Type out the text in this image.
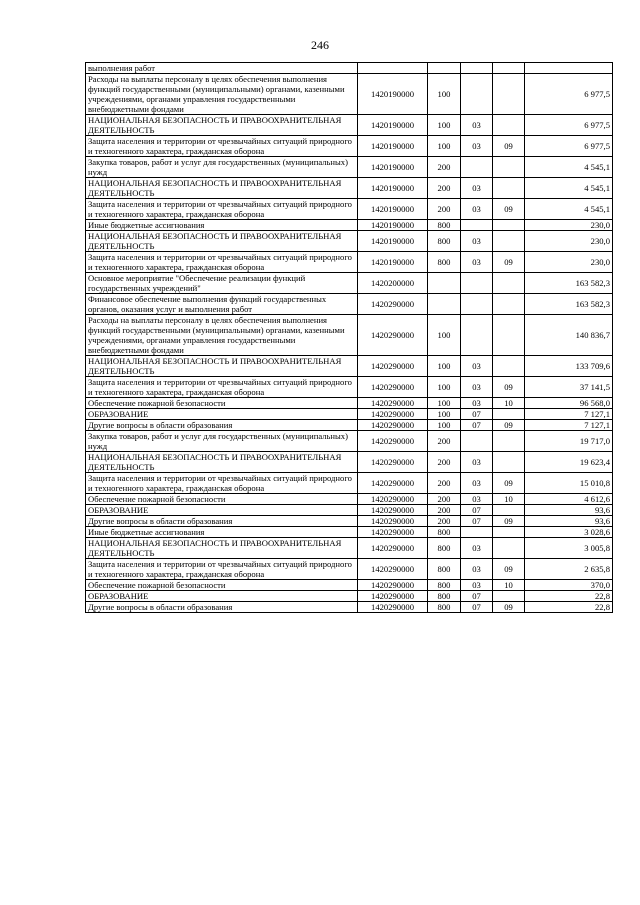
246
выполнения работ					
Расходы на выплаты персоналу в целях обеспечения выполнения функций государственными (муниципальными) органами, казенными учреждениями, органами управления государственными внебюджетными фондами	1420190000	100			6 977,5
НАЦИОНАЛЬНАЯ БЕЗОПАСНОСТЬ И ПРАВООХРАНИТЕЛЬНАЯ ДЕЯТЕЛЬНОСТЬ	1420190000	100	03		6 977,5
Защита населения и территории от чрезвычайных ситуаций природного и техногенного характера, гражданская оборона	1420190000	100	03	09	6 977,5
Закупка товаров, работ и услуг для государственных (муниципальных) нужд	1420190000	200			4 545,1
НАЦИОНАЛЬНАЯ БЕЗОПАСНОСТЬ И ПРАВООХРАНИТЕЛЬНАЯ ДЕЯТЕЛЬНОСТЬ	1420190000	200	03		4 545,1
Защита населения и территории от чрезвычайных ситуаций природного и техногенного характера, гражданская оборона	1420190000	200	03	09	4 545,1
Иные бюджетные ассигнования	1420190000	800			230,0
НАЦИОНАЛЬНАЯ БЕЗОПАСНОСТЬ И ПРАВООХРАНИТЕЛЬНАЯ ДЕЯТЕЛЬНОСТЬ	1420190000	800	03		230,0
Защита населения и территории от чрезвычайных ситуаций природного и техногенного характера, гражданская оборона	1420190000	800	03	09	230,0
Основное мероприятие "Обеспечение реализации функций государственных учреждений"	1420200000				163 582,3
Финансовое обеспечение выполнения функций государственных органов, оказания услуг и выполнения работ	1420290000				163 582,3
Расходы на выплаты персоналу в целях обеспечения выполнения функций государственными (муниципальными) органами, казенными учреждениями, органами управления государственными внебюджетными фондами	1420290000	100			140 836,7
НАЦИОНАЛЬНАЯ БЕЗОПАСНОСТЬ И ПРАВООХРАНИТЕЛЬНАЯ ДЕЯТЕЛЬНОСТЬ	1420290000	100	03		133 709,6
Защита населения и территории от чрезвычайных ситуаций природного и техногенного характера, гражданская оборона	1420290000	100	03	09	37 141,5
Обеспечение пожарной безопасности	1420290000	100	03	10	96 568,0
ОБРАЗОВАНИЕ	1420290000	100	07		7 127,1
Другие вопросы в области образования	1420290000	100	07	09	7 127,1
Закупка товаров, работ и услуг для государственных (муниципальных) нужд	1420290000	200			19 717,0
НАЦИОНАЛЬНАЯ БЕЗОПАСНОСТЬ И ПРАВООХРАНИТЕЛЬНАЯ ДЕЯТЕЛЬНОСТЬ	1420290000	200	03		19 623,4
Защита населения и территории от чрезвычайных ситуаций природного и техногенного характера, гражданская оборона	1420290000	200	03	09	15 010,8
Обеспечение пожарной безопасности	1420290000	200	03	10	4 612,6
ОБРАЗОВАНИЕ	1420290000	200	07		93,6
Другие вопросы в области образования	1420290000	200	07	09	93,6
Иные бюджетные ассигнования	1420290000	800			3 028,6
НАЦИОНАЛЬНАЯ БЕЗОПАСНОСТЬ И ПРАВООХРАНИТЕЛЬНАЯ ДЕЯТЕЛЬНОСТЬ	1420290000	800	03		3 005,8
Защита населения и территории от чрезвычайных ситуаций природного и техногенного характера, гражданская оборона	1420290000	800	03	09	2 635,8
Обеспечение пожарной безопасности	1420290000	800	03	10	370,0
ОБРАЗОВАНИЕ	1420290000	800	07		22,8
Другие вопросы в области образования	1420290000	800	07	09	22,8
